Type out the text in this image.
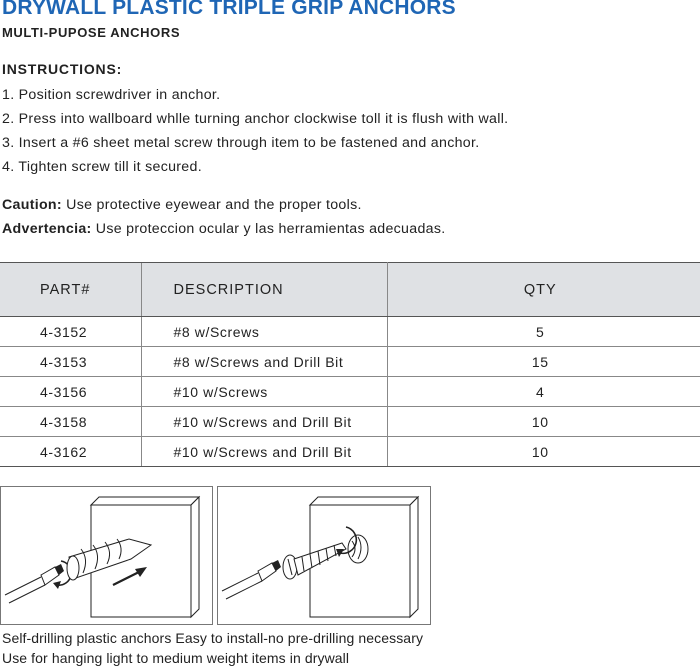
DRYWALL PLASTIC TRIPLE GRIP ANCHORS
MULTI-PUPOSE ANCHORS
INSTRUCTIONS:
1. Position screwdriver in anchor.
2. Press into wallboard whlle turning anchor clockwise toll it is flush with wall.
3. Insert a #6 sheet metal screw through item to be fastened and anchor.
4. Tighten screw till it secured.
Caution: Use protective eyewear and the proper tools.
Advertencia: Use proteccion ocular y las herramientas adecuadas.
PART#	DESCRIPTION	QTY
4-3152	#8 w/Screws	5
4-3153	#8 w/Screws and Drill Bit	15
4-3156	#10 w/Screws	4
4-3158	#10 w/Screws and Drill Bit	10
4-3162	#10 w/Screws and Drill Bit	10
Self-drilling plastic anchors Easy to install-no pre-drilling necessary
Use for hanging light to medium weight items in drywall
